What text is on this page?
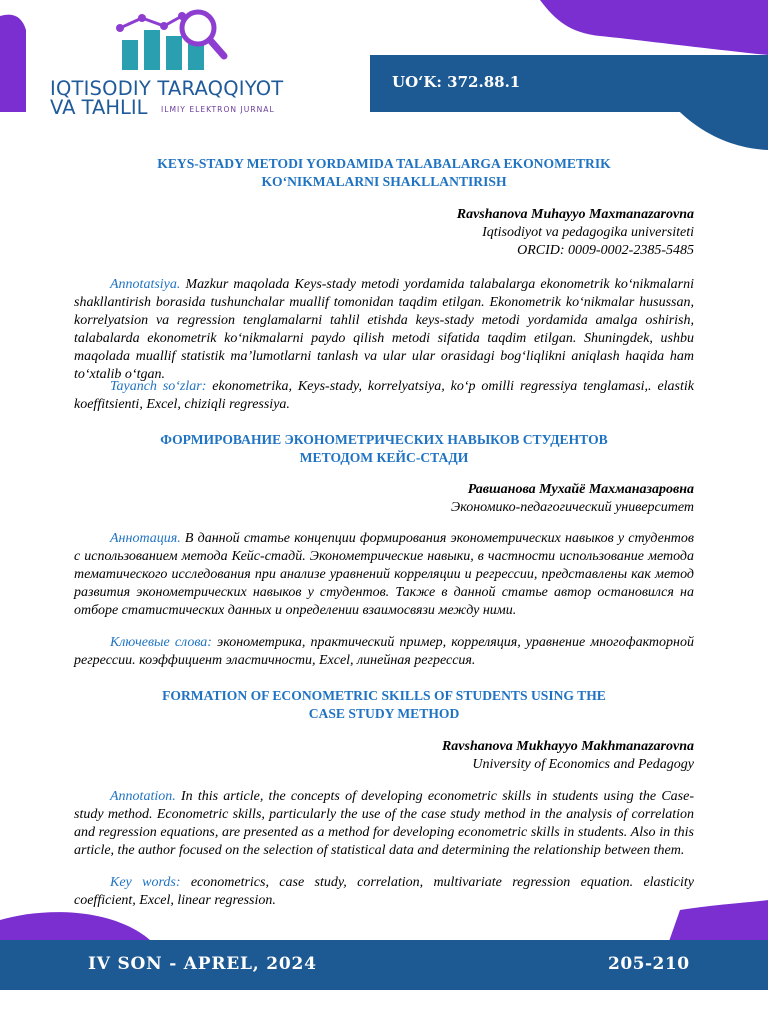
IQTISODIY TARAQQIYOT
VA TAHLIL ILMIY ELEKTRON JURNAL
UOʻK: 372.88.1
KEYS-STADY METODI YORDAMIDA TALABALARGA EKONOMETRIK
KOʻNIKMALARNI SHAKLLANTIRISH
Ravshanova Muhayyo Maxmanazarovna
Iqtisodiyot va pedagogika universiteti
ORCID: 0009-0002-2385-5485

Annotatsiya. Mazkur maqolada Keys-stady metodi yordamida talabalarga ekonometrik koʻnikmalarni shakllantirish borasida tushunchalar muallif tomonidan taqdim etilgan. Ekonometrik koʻnikmalar husussan, korrelyatsion va regression tenglamalarni tahlil etishda keys-stady metodi yordamida amalga oshirish, talabalarda ekonometrik koʻnikmalarni paydo qilish metodi sifatida taqdim etilgan. Shuningdek, ushbu maqolada muallif statistik maʼlumotlarni tanlash va ular ular orasidagi bogʻliqlikni aniqlash haqida ham toʻxtalib oʻtgan.

Tayanch soʻzlar: ekonometrika, Keys-stady, korrelyatsiya, koʻp omilli regressiya tenglamasi,. elastik koeffitsienti, Excel, chiziqli regressiya.

ФОРМИРОВАНИЕ ЭКОНОМЕТРИЧЕСКИХ НАВЫКОВ СТУДЕНТОВ
МЕТОДОМ КЕЙС-СТАДИ
Равшанова Мухайё Махманазаровна
Экономико-педагогический университет

Аннотация. В данной статье концепции формирования эконометрических навыков у студентов с использованием метода Кейс-стадй. Эконометрические навыки, в частности использование метода тематического исследования при анализе уравнений корреляции и регрессии, представлены как метод развития эконометрических навыков у студентов. Также в данной статье автор остановился на отборе статистических данных и определении взаимосвязи между ними.

Ключевые слова: эконометрика, практический пример, корреляция, уравнение многофакторной регрессии. коэффициент эластичности, Excel, линейная регрессия.

FORMATION OF ECONOMETRIC SKILLS OF STUDENTS USING THE
CASE STUDY METHOD
Ravshanova Mukhayyo Makhmanazarovna
University of Economics and Pedagogy

Annotation. In this article, the concepts of developing econometric skills in students using the Case-study method. Econometric skills, particularly the use of the case study method in the analysis of correlation and regression equations, are presented as a method for developing econometric skills in students. Also in this article, the author focused on the selection of statistical data and determining the relationship between them.

Key words: econometrics, case study, correlation, multivariate regression equation. elasticity coefficient, Excel, linear regression.

IV SON - APREL, 2024	205-210
